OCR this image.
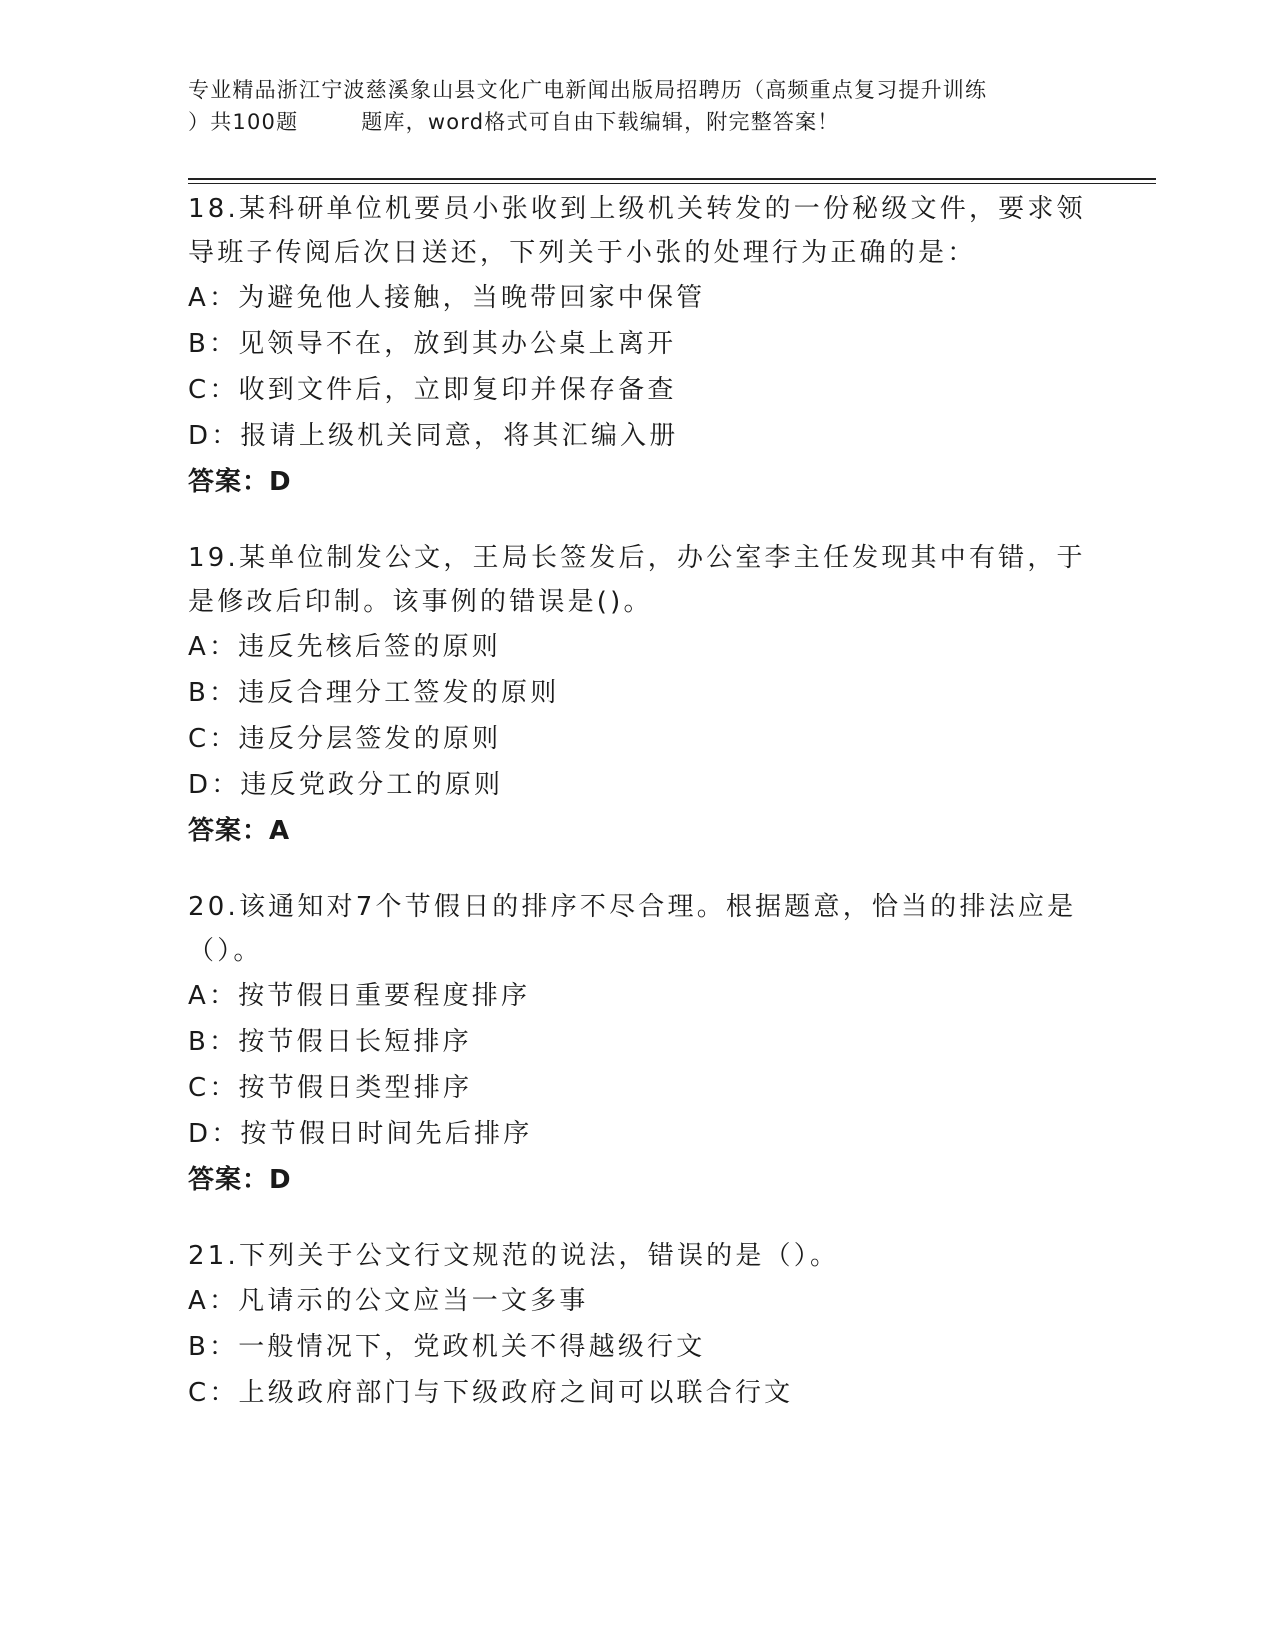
专业精品浙江宁波慈溪象山县文化广电新闻出版局招聘历（高频重点复习提升训练
）共100题        题库，word格式可自由下载编辑，附完整答案！
18.某科研单位机要员小张收到上级机关转发的一份秘级文件，要求领导班子传阅后次日送还，下列关于小张的处理行为正确的是：
A：为避免他人接触，当晚带回家中保管
B：见领导不在，放到其办公桌上离开
C：收到文件后，立即复印并保存备查
D：报请上级机关同意，将其汇编入册
答案：D
19.某单位制发公文，王局长签发后，办公室李主任发现其中有错，于是修改后印制。该事例的错误是()。
A：违反先核后签的原则
B：违反合理分工签发的原则
C：违反分层签发的原则
D：违反党政分工的原则
答案：A
20.该通知对7个节假日的排序不尽合理。根据题意，恰当的排法应是（）。
A：按节假日重要程度排序
B：按节假日长短排序
C：按节假日类型排序
D：按节假日时间先后排序
答案：D
21.下列关于公文行文规范的说法，错误的是（）。
A：凡请示的公文应当一文多事
B：一般情况下，党政机关不得越级行文
C：上级政府部门与下级政府之间可以联合行文
